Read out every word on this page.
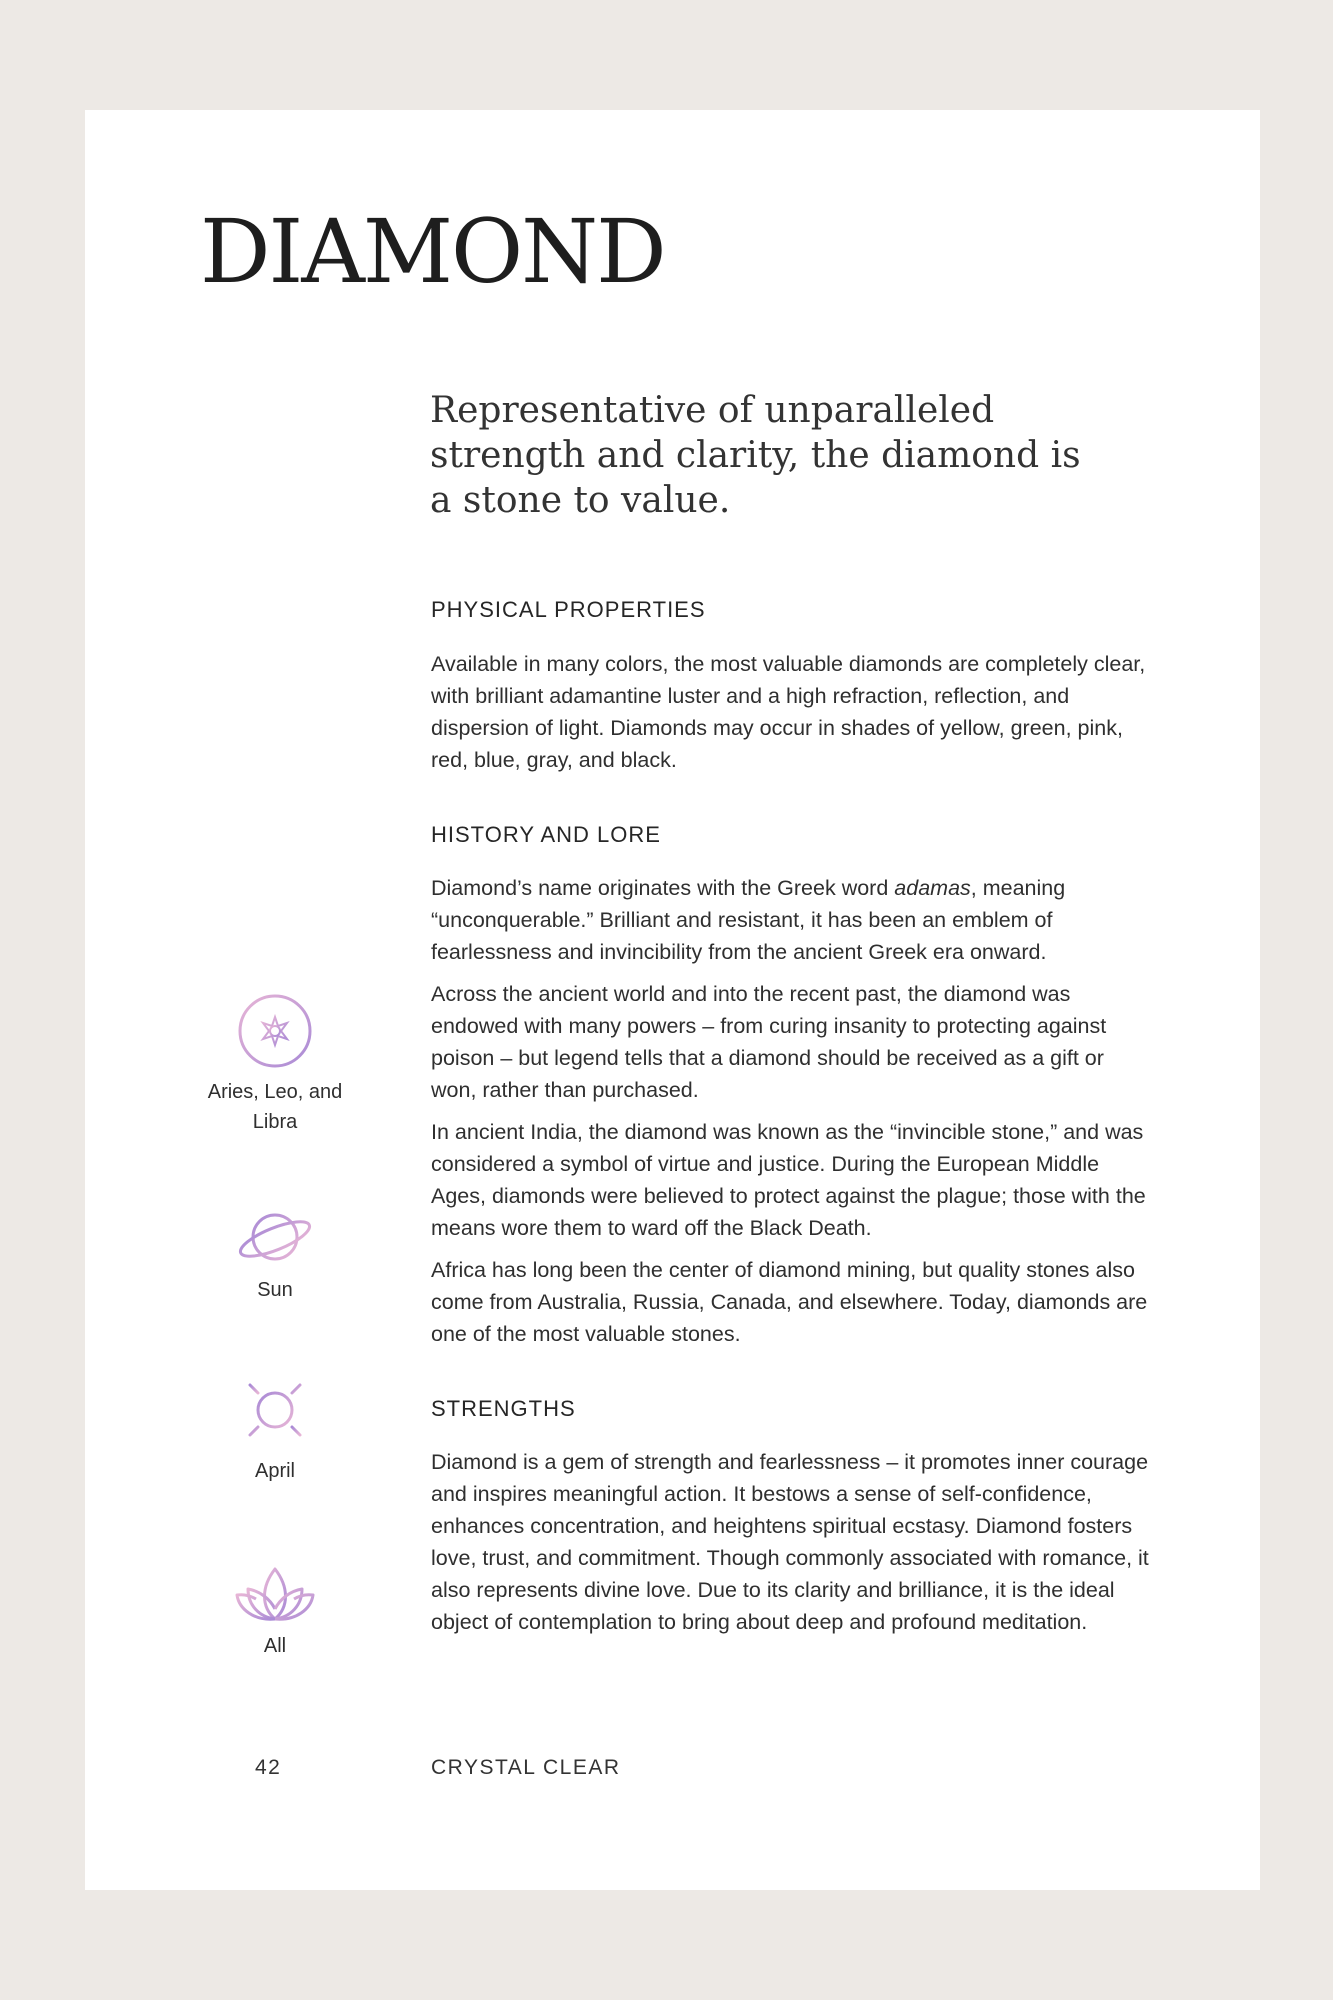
DIAMOND

Representative of unparalleled strength and clarity, the diamond is a stone to value.

PHYSICAL PROPERTIES

Available in many colors, the most valuable diamonds are completely clear, with brilliant adamantine luster and a high refraction, reflection, and dispersion of light. Diamonds may occur in shades of yellow, green, pink, red, blue, gray, and black.

HISTORY AND LORE

Diamond’s name originates with the Greek word adamas, meaning “unconquerable.” Brilliant and resistant, it has been an emblem of fearlessness and invincibility from the ancient Greek era onward.

Across the ancient world and into the recent past, the diamond was endowed with many powers – from curing insanity to protecting against poison – but legend tells that a diamond should be received as a gift or won, rather than purchased.

In ancient India, the diamond was known as the “invincible stone,” and was considered a symbol of virtue and justice. During the European Middle Ages, diamonds were believed to protect against the plague; those with the means wore them to ward off the Black Death.

Africa has long been the center of diamond mining, but quality stones also come from Australia, Russia, Canada, and elsewhere. Today, diamonds are one of the most valuable stones.

STRENGTHS

Diamond is a gem of strength and fearlessness – it promotes inner courage and inspires meaningful action. It bestows a sense of self-confidence, enhances concentration, and heightens spiritual ecstasy. Diamond fosters love, trust, and commitment. Though commonly associated with romance, it also represents divine love. Due to its clarity and brilliance, it is the ideal object of contemplation to bring about deep and profound meditation.

Aries, Leo, and Libra
Sun
April
All
42	CRYSTAL CLEAR
